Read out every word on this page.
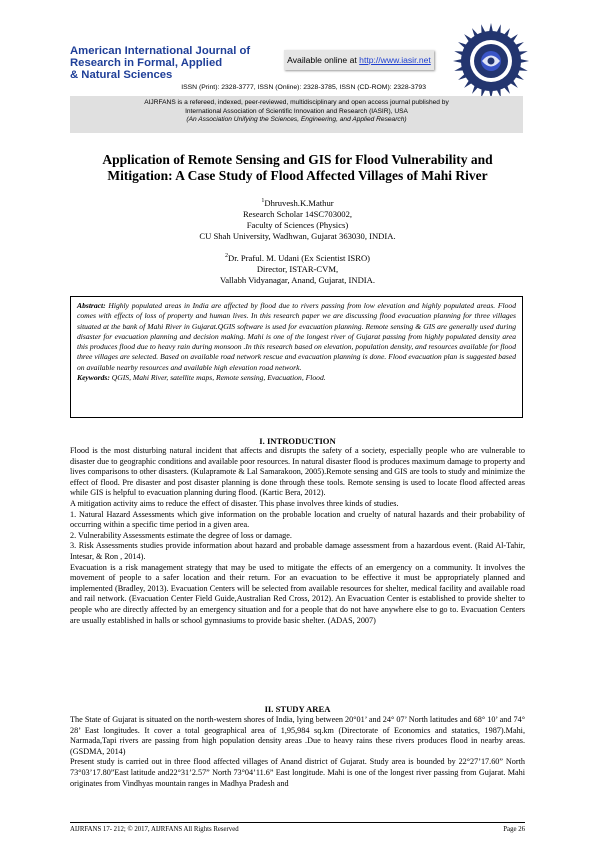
American International Journal of
Research in Formal, Applied
& Natural Sciences
Available online at http://www.iasir.net
ISSN (Print): 2328-3777, ISSN (Online): 2328-3785, ISSN (CD-ROM): 2328-3793
AIJRFANS is a refereed, indexed, peer-reviewed, multidisciplinary and open access journal published by
International Association of Scientific Innovation and Research (IASIR), USA
(An Association Unifying the Sciences, Engineering, and Applied Research)
Application of Remote Sensing and GIS for Flood Vulnerability and
Mitigation: A Case Study of Flood Affected Villages of Mahi River
$^1$Dhruvesh.K.Mathur
Research Scholar 14SC703002,
Faculty of Sciences (Physics)
CU Shah University, Wadhwan, Gujarat 363030, INDIA.
$^2$Dr. Praful. M. Udani (Ex Scientist ISRO)
Director, ISTAR-CVM,
Vallabh Vidyanagar, Anand, Gujarat, INDIA.
Abstract: Highly populated areas in India are affected by flood due to rivers passing from low elevation and highly populated areas. Flood comes with effects of loss of property and human lives. In this research paper we are discussing flood evacuation planning for three villages situated at the bank of Mahi River in Gujarat.QGIS software is used for evacuation planning. Remote sensing & GIS are generally used during disaster for evacuation planning and decision making. Mahi is one of the longest river of Gujarat passing from highly populated density area this produces flood due to heavy rain during monsoon .In this research based on elevation, population density, and resources available for flood three villages are selected. Based on available road network rescue and evacuation planning is done. Flood evacuation plan is suggested based on available nearby resources and available high elevation road network.
Keywords: QGIS, Mahi River, satellite maps, Remote sensing, Evacuation, Flood.
I. INTRODUCTION

Flood is the most disturbing natural incident that affects and disrupts the safety of a society, especially people who are vulnerable to disaster due to geographic conditions and available poor resources. In natural disaster flood is produces maximum damage to property and lives comparisons to other disasters. (Kulapramote & Lal Samarakoon, 2005).Remote sensing and GIS are tools to study and minimize the effect of flood. Pre disaster and post disaster planning is done through these tools. Remote sensing is used to locate flood affected areas while GIS is helpful to evacuation planning during flood. (Kartic Bera, 2012).

A mitigation activity aims to reduce the effect of disaster. This phase involves three kinds of studies.

1. Natural Hazard Assessments which give information on the probable location and cruelty of natural hazards and their probability of occurring within a specific time period in a given area.

2. Vulnerability Assessments estimate the degree of loss or damage.

3. Risk Assessments studies provide information about hazard and probable damage assessment from a hazardous event. (Raid Al-Tahir, Intesar, & Ron , 2014).

Evacuation is a risk management strategy that may be used to mitigate the effects of an emergency on a community. It involves the movement of people to a safer location and their return. For an evacuation to be effective it must be appropriately planned and implemented (Bradley, 2013). Evacuation Centers will be selected from available resources for shelter, medical facility and available road and rail network. (Evacuation Center Field Guide,Australian Red Cross, 2012). An Evacuation Center is established to provide shelter to people who are directly affected by an emergency situation and for a people that do not have anywhere else to go to. Evacuation Centers are usually established in halls or school gymnasiums to provide basic shelter. (ADAS, 2007)

II. STUDY AREA

The State of Gujarat is situated on the north-western shores of India, lying between 20°01’ and 24° 07’ North latitudes and 68° 10’ and 74° 28’ East longitudes. It cover a total geographical area of 1,95,984 sq.km (Directorate of Economics and statatics, 1987).Mahi, Narmada,Tapi rivers are passing from high population density areas .Due to heavy rains these rivers produces flood in nearby areas. (GSDMA, 2014)

Present study is carried out in three flood affected villages of Anand district of Gujarat. Study area is bounded by 22°27’17.60” North 73°03’17.80”East latitude and22°31’2.57” North 73°04’11.6” East longitude. Mahi is one of the longest river passing from Gujarat. Mahi originates from Vindhyas mountain ranges in Madhya Pradesh and

AIJRFANS 17- 212; © 2017, AIJRFANS All Rights Reserved	Page 26
